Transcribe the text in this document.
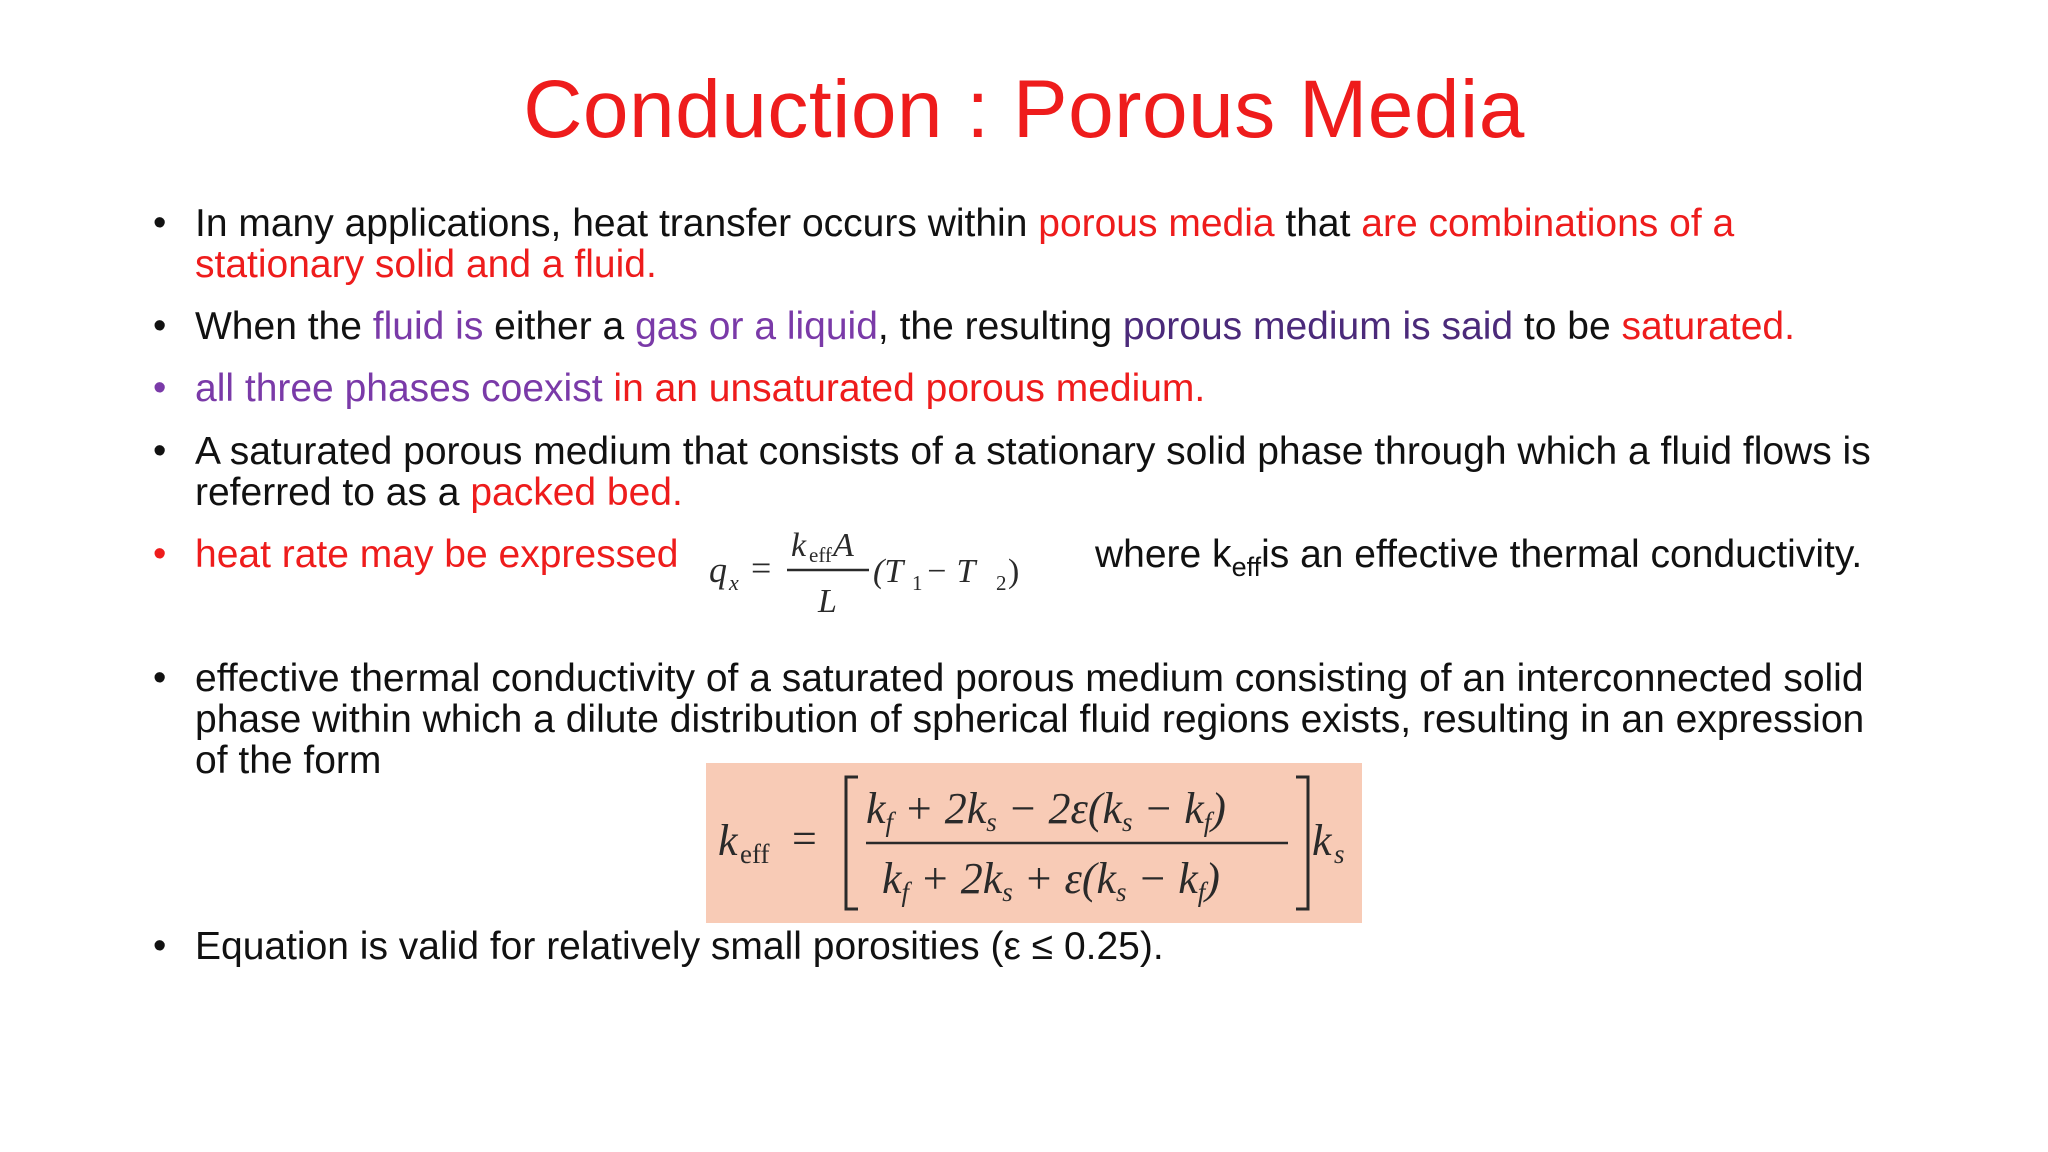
Conduction : Porous Media
• In many applications, heat transfer occurs within porous media that are combinations of a
stationary solid and a fluid.
• When the fluid is either a gas or a liquid, the resulting porous medium is said to be saturated.
• all three phases coexist in an unsaturated porous medium.
• A saturated porous medium that consists of a stationary solid phase through which a fluid flows is
referred to as a packed bed.
• heat rate may be expressed	where $k_{eff}is$ an effective thermal conductivity.
q x =
k eff A
L
(T 1 − T 2 )
• effective thermal conductivity of a saturated porous medium consisting of an interconnected solid
phase within which a dilute distribution of spherical fluid regions exists, resulting in an expression
of the form
k eff =
kf + 2ks − 2ε(ks − kf)
kf + 2ks + ε(ks − kf)
k s
• Equation is valid for relatively small porosities (ε ≤ 0.25).
